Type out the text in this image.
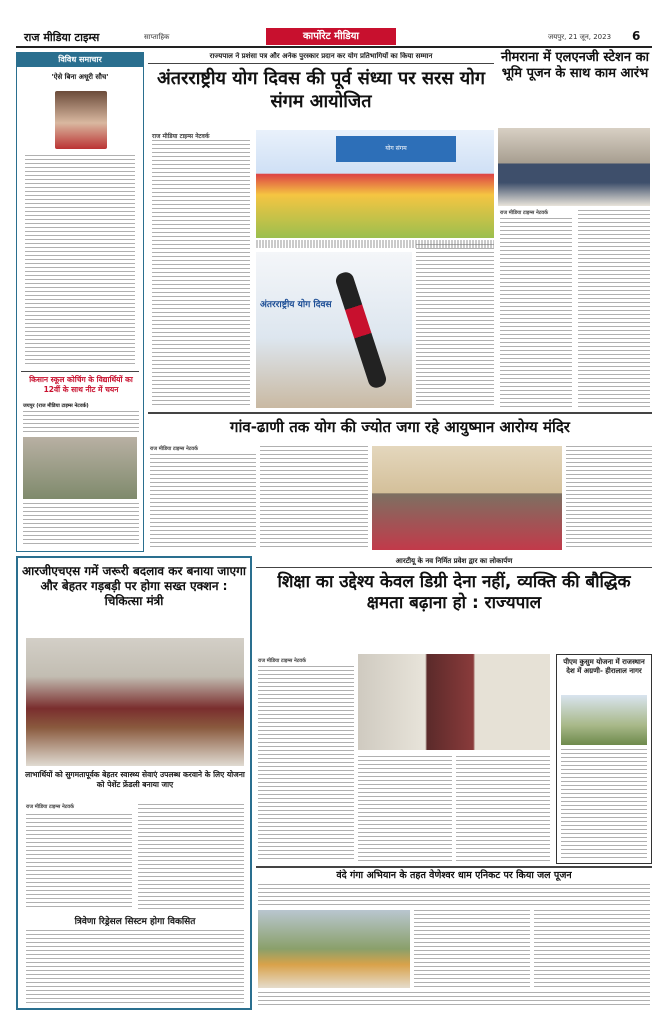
राज मीडिया टाइम्स	साप्ताहिक	कार्पोरेट मीडिया	जयपुर, 21 जून, 2023 6
विविध समाचार
'ऐसे बिना अधूरी सौच'
किसान स्कूल कोचिंग के विद्यार्थियों का 12वीं के साथ नीट में चयन
जयपुर (राज मीडिया टाइम्स नेटवर्क)
राज्यपाल ने प्रशंसा पत्र और अनेक पुरस्कार प्रदान कर योग प्रतिभागियों का किया सम्मान
अंतरराष्ट्रीय योग दिवस की पूर्व संध्या पर सरस योग संगम आयोजित
राज मीडिया टाइम्स नेटवर्क
योग संगम
अंतरराष्ट्रीय योग दिवस
नीमराना में एलएनजी स्टेशन का भूमि पूजन के साथ काम आरंभ
राज मीडिया टाइम्स नेटवर्क
गांव-ढाणी तक योग की ज्योत जगा रहे आयुष्मान आरोग्य मंदिर
राज मीडिया टाइम्स नेटवर्क
आरजीएचएस गमें जरूरी बदलाव कर बनाया जाएगा और बेहतर गड़बड़ी पर होगा सख्त एक्शन : चिकित्सा मंत्री
लाभार्थियों को सुगमतापूर्वक बेहतर स्वास्थ्य सेवाएं उपलब्ध करवाने के लिए योजना को पेशेंट फ्रेंडली बनाया जाए
राज मीडिया टाइम्स नेटवर्क
त्रिवेणा रिड्रेसल सिस्टम होगा विकसित
आरटीयू के नव निर्मित प्रवेश द्वार का लोकार्पण
शिक्षा का उद्देश्य केवल डिग्री देना नहीं, व्यक्ति की बौद्धिक क्षमता बढ़ाना हो : राज्यपाल
राज मीडिया टाइम्स नेटवर्क	पीएम कुसुम योजना में राजस्थान देश में अग्रणी- हीरालाल नागर
वंदे गंगा अभियान के तहत वेणेश्वर धाम एनिकट पर किया जल पूजन
